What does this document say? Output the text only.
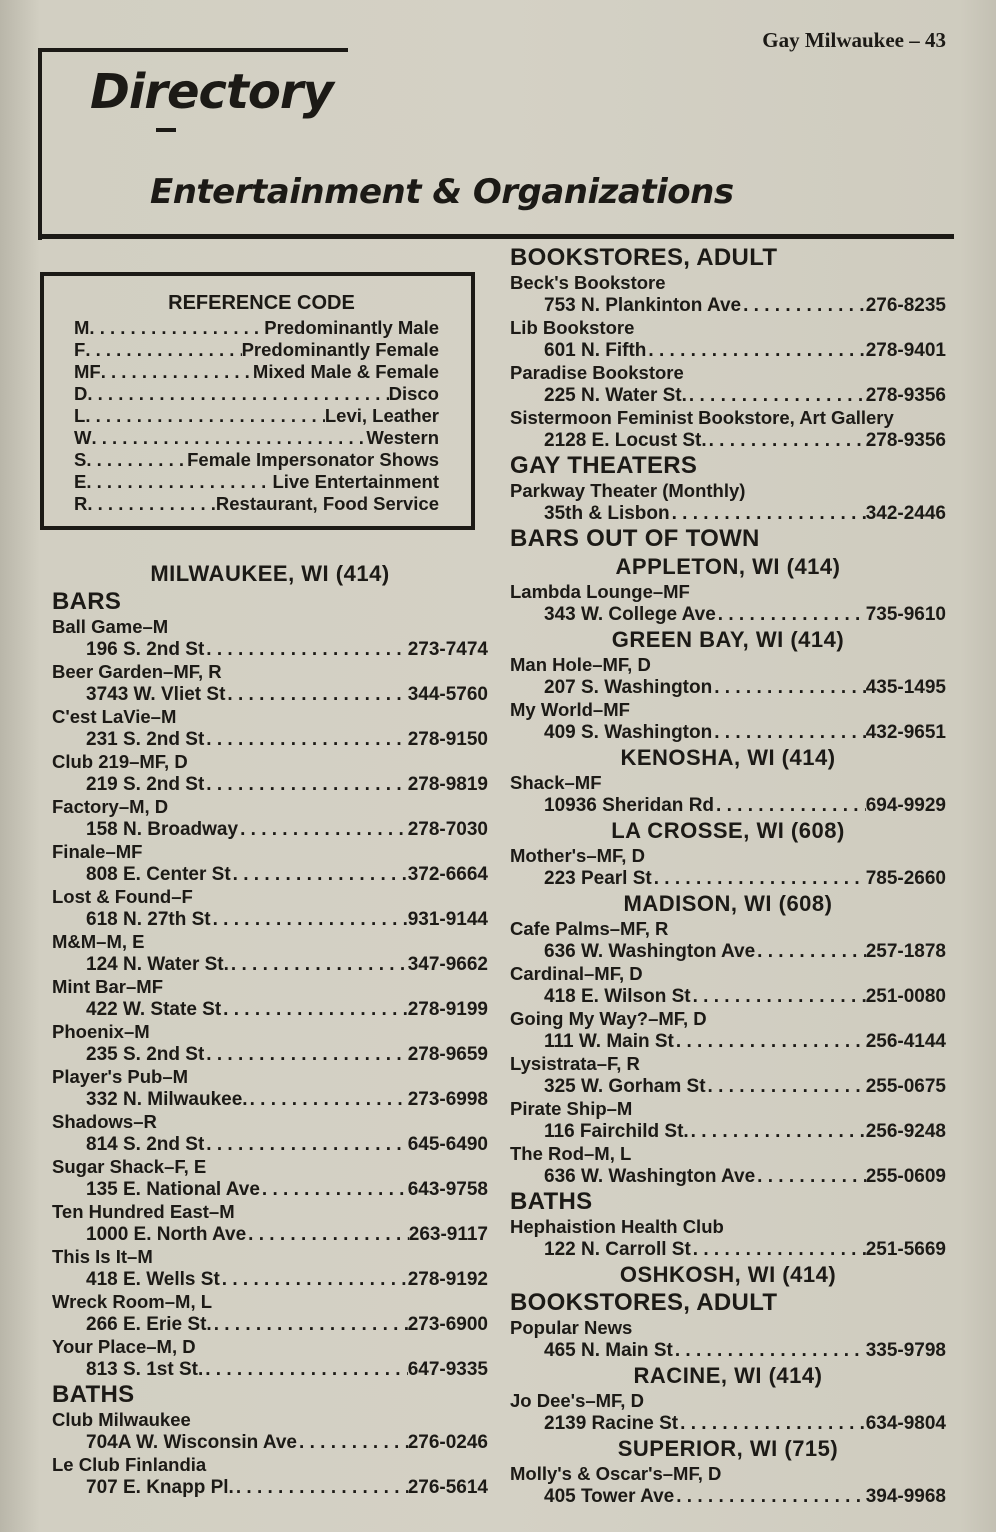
Gay Milwaukee – 43
Directory
Entertainment & Organizations
REFERENCE CODE
M . . .	Predominantly Male
F . . .	Predominantly Female
MF . . .	Mixed Male & Female
D . . .	Disco
L . . .	Levi, Leather
W . . .	Western
S . . .	Female Impersonator Shows
E . . .	Live Entertainment
R . . .	Restaurant, Food Service
MILWAUKEE, WI (414)
BARS
Ball Game–M
196 S. 2nd St . . .	273-7474
Beer Garden–MF, R
3743 W. Vliet St . . .	344-5760
C'est LaVie–M
231 S. 2nd St . . .	278-9150
Club 219–MF, D
219 S. 2nd St . . .	278-9819
Factory–M, D
158 N. Broadway . . .	278-7030
Finale–MF
808 E. Center St . . .	372-6664
Lost & Found–F
618 N. 27th St . . .	931-9144
M&M–M, E
124 N. Water St. . . .	347-9662
Mint Bar–MF
422 W. State St . . .	278-9199
Phoenix–M
235 S. 2nd St . . .	278-9659
Player's Pub–M
332 N. Milwaukee. . . .	273-6998
Shadows–R
814 S. 2nd St . . .	645-6490
Sugar Shack–F, E
135 E. National Ave . . .	643-9758
Ten Hundred East–M
1000 E. North Ave . . .	263-9117
This Is It–M
418 E. Wells St . . .	278-9192
Wreck Room–M, L
266 E. Erie St. . . .	273-6900
Your Place–M, D
813 S. 1st St. . . .	647-9335
BATHS
Club Milwaukee
704A W. Wisconsin Ave . . .	276-0246
Le Club Finlandia
707 E. Knapp Pl. . . .	276-5614
BOOKSTORES, ADULT
Beck's Bookstore
753 N. Plankinton Ave . . .	276-8235
Lib Bookstore
601 N. Fifth . . .	278-9401
Paradise Bookstore
225 N. Water St. . . .	278-9356
Sistermoon Feminist Bookstore, Art Gallery
2128 E. Locust St. . . .	278-9356
GAY THEATERS
Parkway Theater (Monthly)
35th & Lisbon . . .	342-2446
BARS OUT OF TOWN
APPLETON, WI (414)
Lambda Lounge–MF
343 W. College Ave . . .	735-9610
GREEN BAY, WI (414)
Man Hole–MF, D
207 S. Washington . . .	435-1495
My World–MF
409 S. Washington . . .	432-9651
KENOSHA, WI (414)
Shack–MF
10936 Sheridan Rd . . .	694-9929
LA CROSSE, WI (608)
Mother's–MF, D
223 Pearl St . . .	785-2660
MADISON, WI (608)
Cafe Palms–MF, R
636 W. Washington Ave . . .	257-1878
Cardinal–MF, D
418 E. Wilson St . . .	251-0080
Going My Way?–MF, D
111 W. Main St . . .	256-4144
Lysistrata–F, R
325 W. Gorham St . . .	255-0675
Pirate Ship–M
116 Fairchild St. . . .	256-9248
The Rod–M, L
636 W. Washington Ave . . .	255-0609
BATHS
Hephaistion Health Club
122 N. Carroll St . . .	251-5669
OSHKOSH, WI (414)
BOOKSTORES, ADULT
Popular News
465 N. Main St . . .	335-9798
RACINE, WI (414)
Jo Dee's–MF, D
2139 Racine St . . .	634-9804
SUPERIOR, WI (715)
Molly's & Oscar's–MF, D
405 Tower Ave . . .	394-9968
